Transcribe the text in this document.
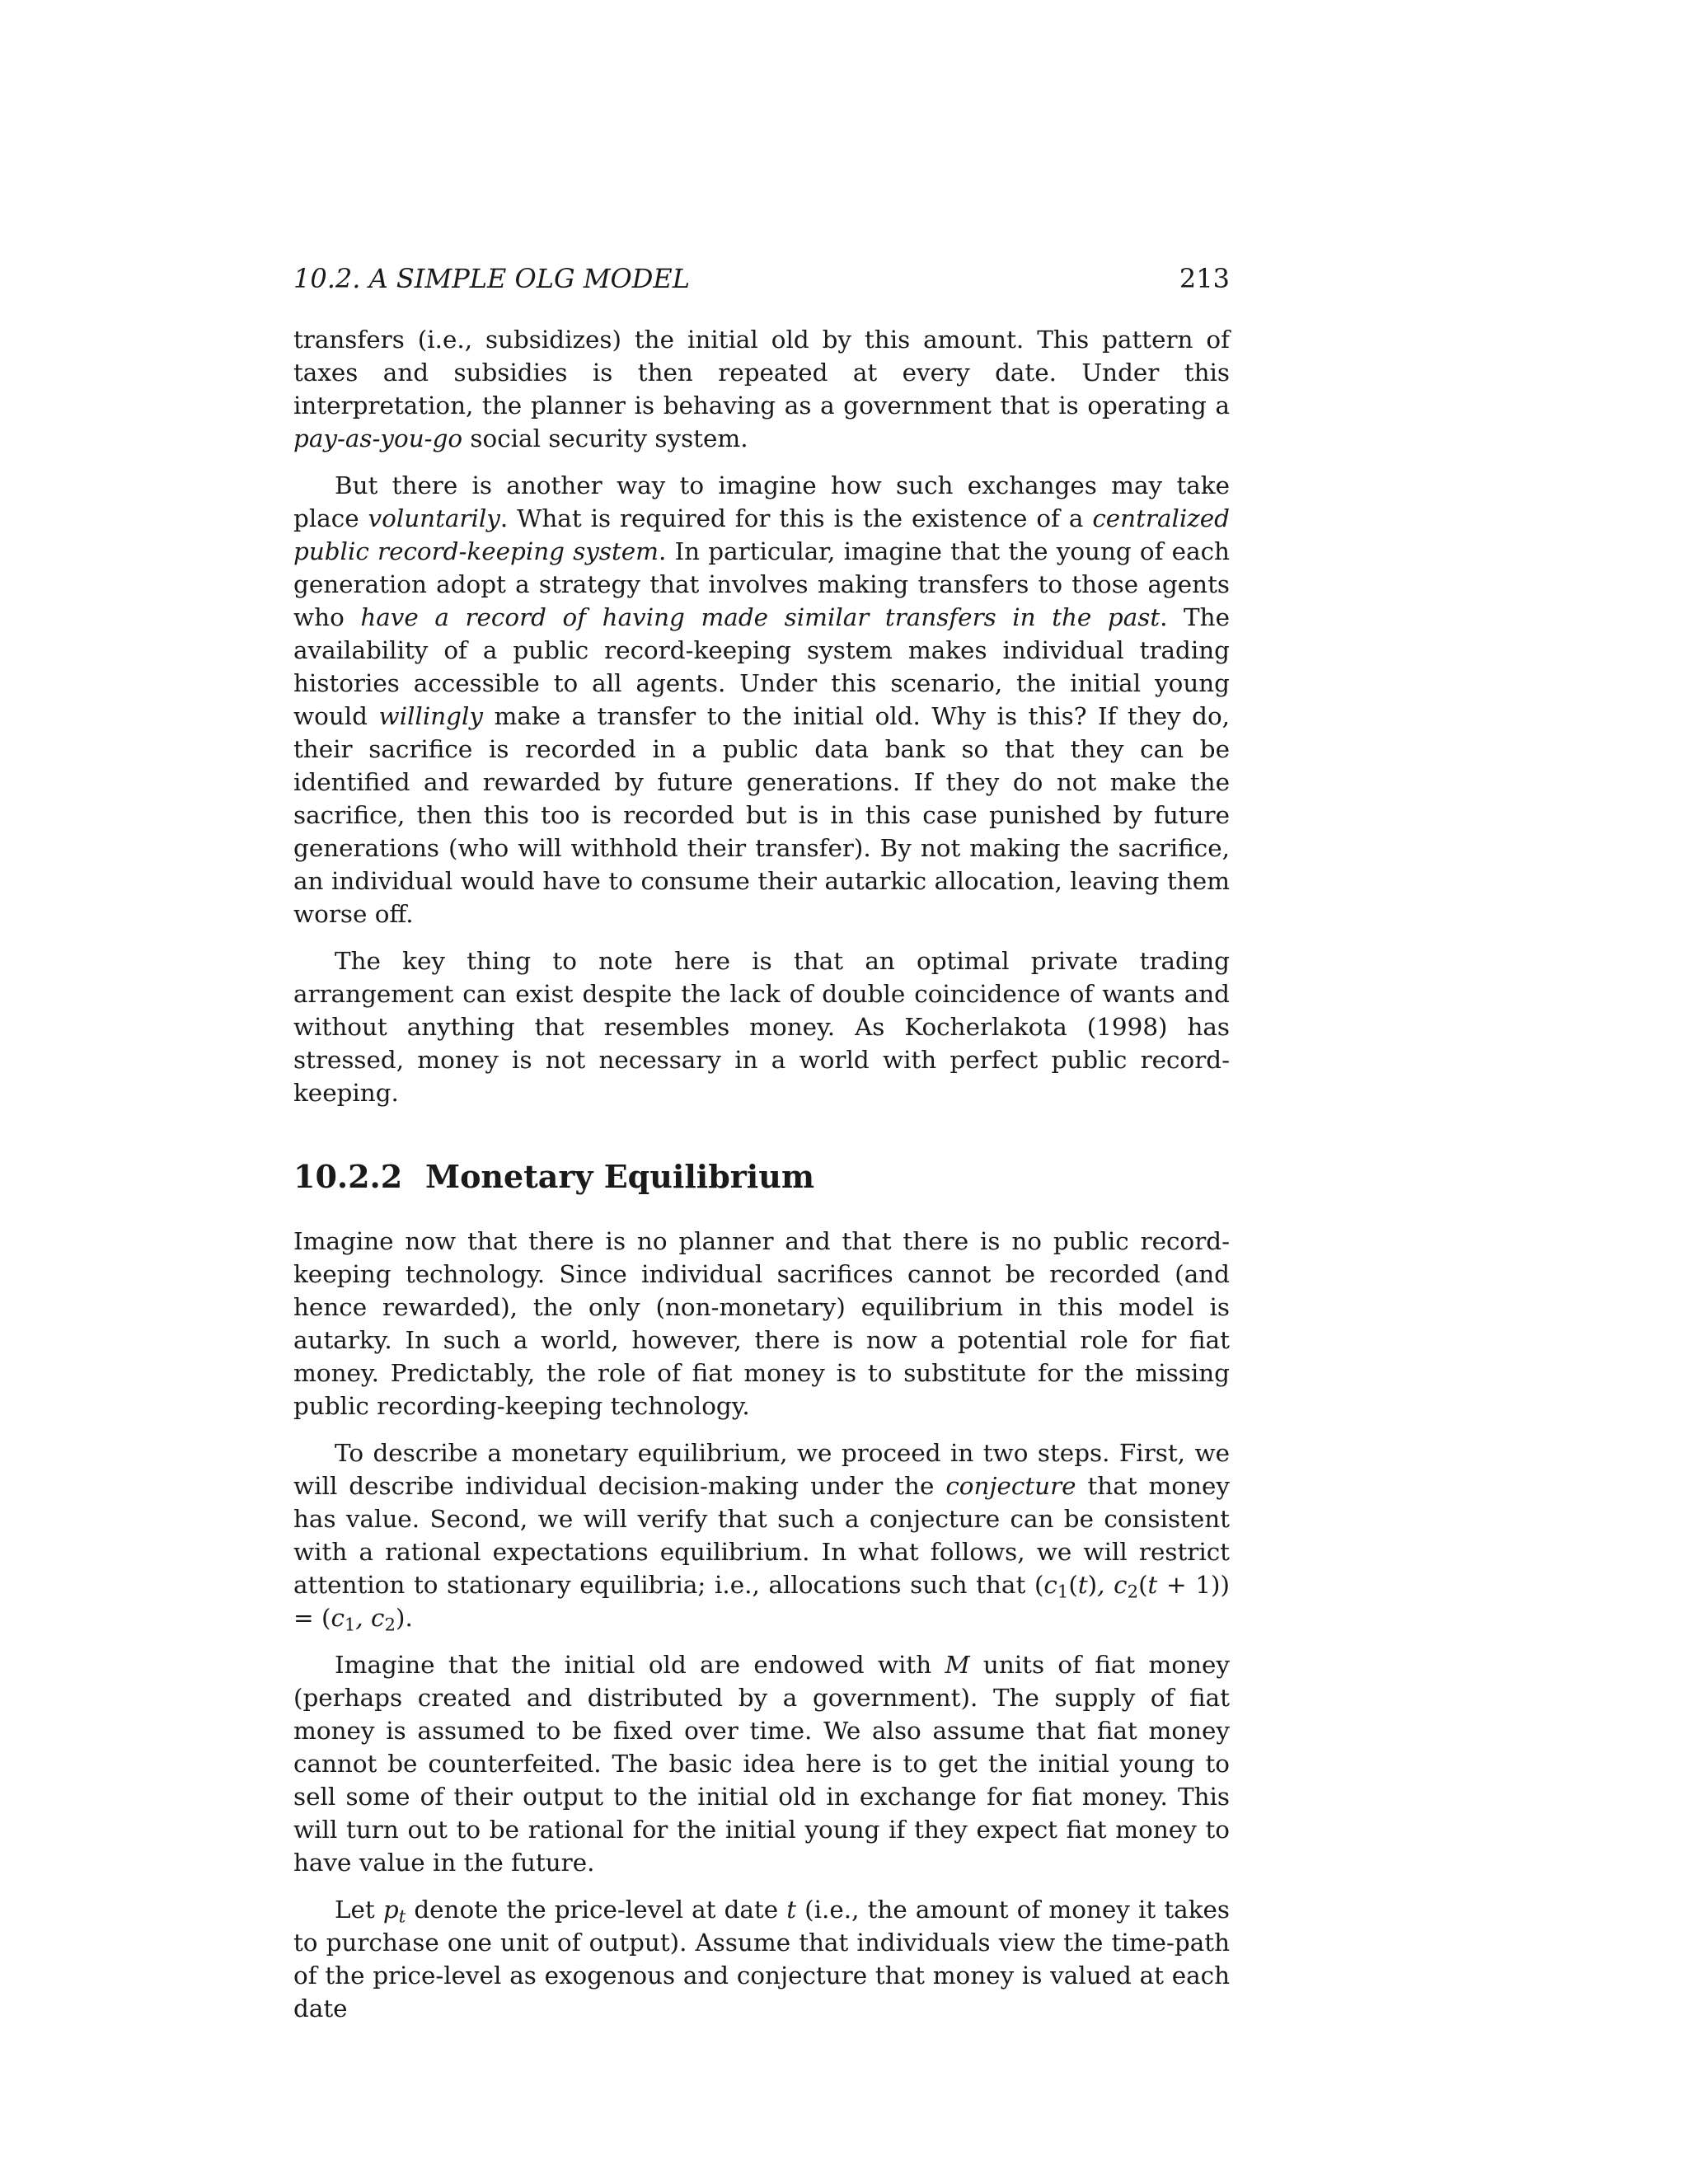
10.2. A SIMPLE OLG MODEL	213

transfers (i.e., subsidizes) the initial old by this amount. This pattern of taxes and subsidies is then repeated at every date. Under this interpretation, the planner is behaving as a government that is operating a pay-as-you-go social security system.

But there is another way to imagine how such exchanges may take place voluntarily. What is required for this is the existence of a centralized public record-keeping system. In particular, imagine that the young of each generation adopt a strategy that involves making transfers to those agents who have a record of having made similar transfers in the past. The availability of a public record-keeping system makes individual trading histories accessible to all agents. Under this scenario, the initial young would willingly make a transfer to the initial old. Why is this? If they do, their sacrifice is recorded in a public data bank so that they can be identified and rewarded by future generations. If they do not make the sacrifice, then this too is recorded but is in this case punished by future generations (who will withhold their transfer). By not making the sacrifice, an individual would have to consume their autarkic allocation, leaving them worse off.

The key thing to note here is that an optimal private trading arrangement can exist despite the lack of double coincidence of wants and without anything that resembles money. As Kocherlakota (1998) has stressed, money is not necessary in a world with perfect public record-keeping.

10.2.2 Monetary Equilibrium

Imagine now that there is no planner and that there is no public record-keeping technology. Since individual sacrifices cannot be recorded (and hence rewarded), the only (non-monetary) equilibrium in this model is autarky. In such a world, however, there is now a potential role for fiat money. Predictably, the role of fiat money is to substitute for the missing public recording-keeping technology.

To describe a monetary equilibrium, we proceed in two steps. First, we will describe individual decision-making under the conjecture that money has value. Second, we will verify that such a conjecture can be consistent with a rational expectations equilibrium. In what follows, we will restrict attention to stationary equilibria; i.e., allocations such that ($c_1(t)$, $c_2(t + 1)) = (c_1$, $c_2$).

Imagine that the initial old are endowed with M units of fiat money (perhaps created and distributed by a government). The supply of fiat money is assumed to be fixed over time. We also assume that fiat money cannot be counterfeited. The basic idea here is to get the initial young to sell some of their output to the initial old in exchange for fiat money. This will turn out to be rational for the initial young if they expect fiat money to have value in the future.

Let $p_t$ denote the price-level at date t (i.e., the amount of money it takes to purchase one unit of output). Assume that individuals view the time-path of the price-level as exogenous and conjecture that money is valued at each date
